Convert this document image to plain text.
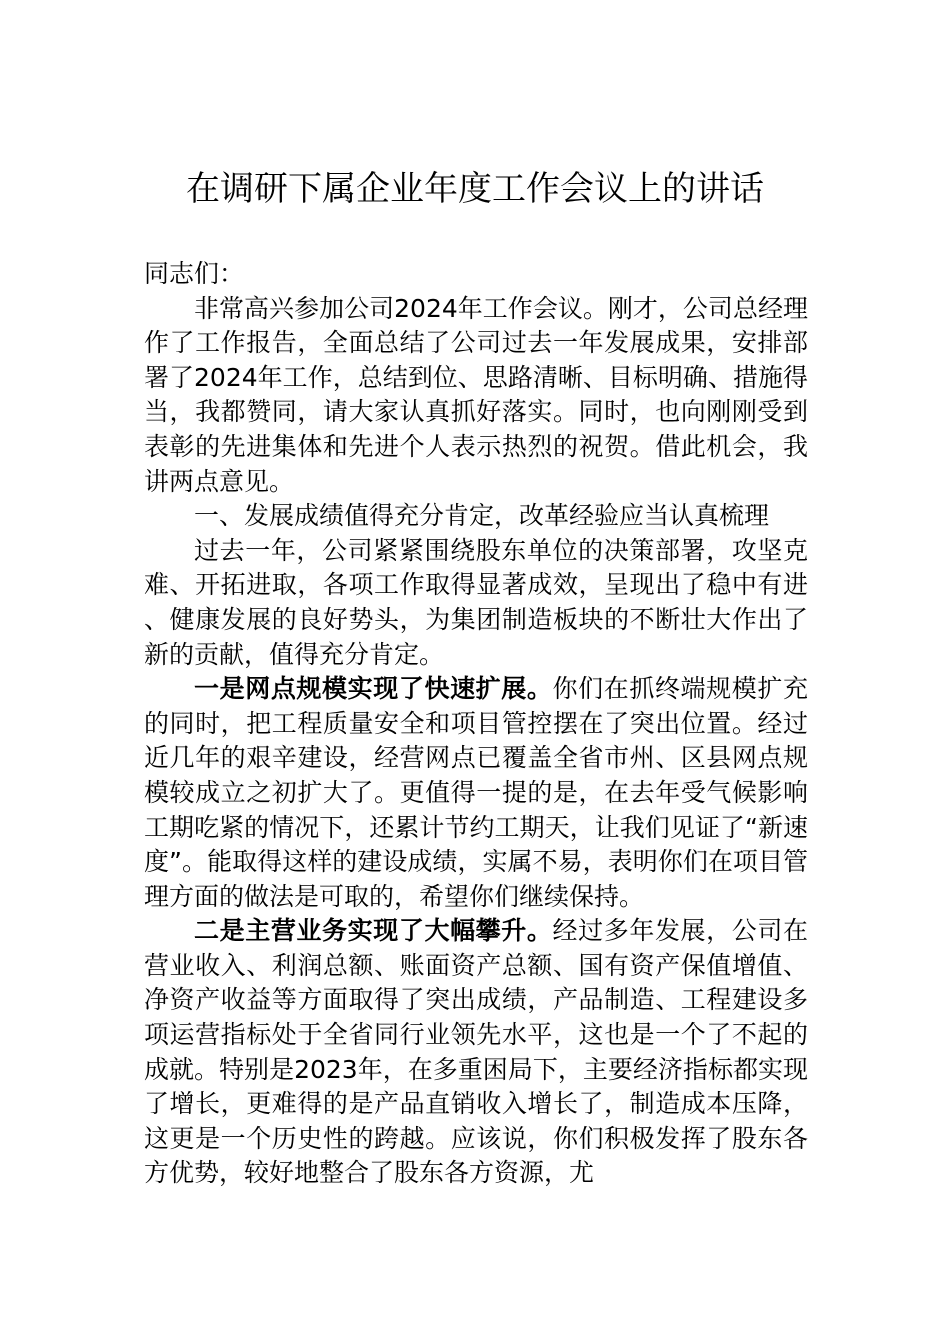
在调研下属企业年度工作会议上的讲话

同志们：

非常高兴参加公司2024年工作会议。刚才，公司总经理作了工作报告，全面总结了公司过去一年发展成果，安排部署了2024年工作，总结到位、思路清晰、目标明确、措施得当，我都赞同，请大家认真抓好落实。同时，也向刚刚受到表彰的先进集体和先进个人表示热烈的祝贺。借此机会，我讲两点意见。

一、发展成绩值得充分肯定，改革经验应当认真梳理

过去一年，公司紧紧围绕股东单位的决策部署，攻坚克难、开拓进取，各项工作取得显著成效，呈现出了稳中有进、健康发展的良好势头，为集团制造板块的不断壮大作出了新的贡献，值得充分肯定。

一是网点规模实现了快速扩展。你们在抓终端规模扩充的同时，把工程质量安全和项目管控摆在了突出位置。经过近几年的艰辛建设，经营网点已覆盖全省市州、区县网点规模较成立之初扩大了。更值得一提的是，在去年受气候影响工期吃紧的情况下，还累计节约工期天，让我们见证了“新速度”。能取得这样的建设成绩，实属不易，表明你们在项目管理方面的做法是可取的，希望你们继续保持。

二是主营业务实现了大幅攀升。经过多年发展，公司在营业收入、利润总额、账面资产总额、国有资产保值增值、净资产收益等方面取得了突出成绩，产品制造、工程建设多项运营指标处于全省同行业领先水平，这也是一个了不起的成就。特别是2023年，在多重困局下，主要经济指标都实现了增长，更难得的是产品直销收入增长了，制造成本压降，这更是一个历史性的跨越。应该说，你们积极发挥了股东各方优势，较好地整合了股东各方资源，尤
